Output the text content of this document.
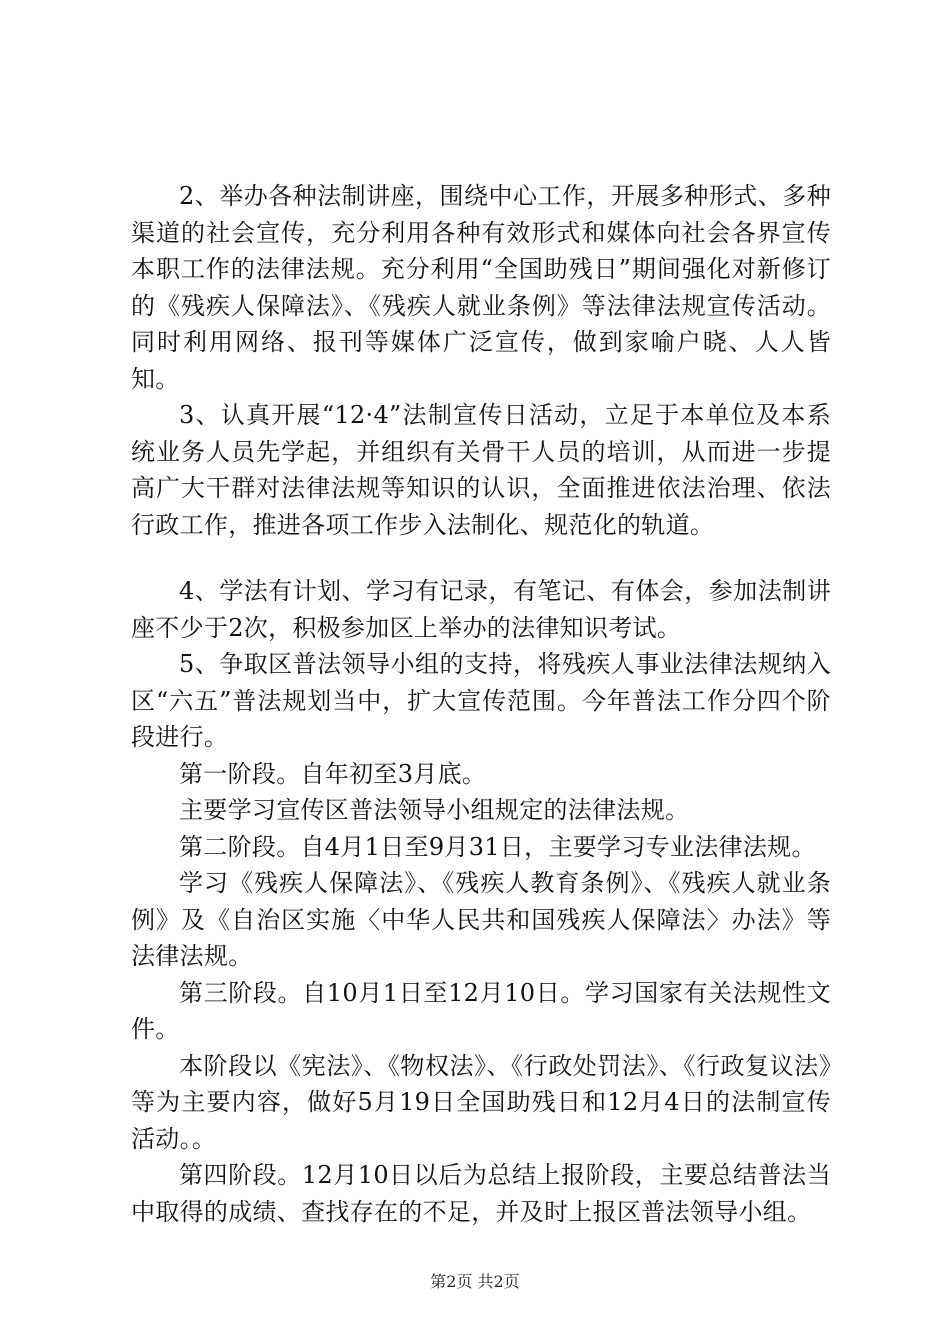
2、举办各种法制讲座，围绕中心工作，开展多种形式、多种渠道的社会宣传，充分利用各种有效形式和媒体向社会各界宣传本职工作的法律法规。充分利用“全国助残日”期间强化对新修订的《残疾人保障法》、《残疾人就业条例》等法律法规宣传活动。同时利用网络、报刊等媒体广泛宣传，做到家喻户晓、人人皆知。

3、认真开展“12·4”法制宣传日活动，立足于本单位及本系统业务人员先学起，并组织有关骨干人员的培训，从而进一步提高广大干群对法律法规等知识的认识，全面推进依法治理、依法行政工作，推进各项工作步入法制化、规范化的轨道。

4、学法有计划、学习有记录，有笔记、有体会，参加法制讲座不少于2次，积极参加区上举办的法律知识考试。

5、争取区普法领导小组的支持，将残疾人事业法律法规纳入区“六五”普法规划当中，扩大宣传范围。今年普法工作分四个阶段进行。

第一阶段。自年初至3月底。

主要学习宣传区普法领导小组规定的法律法规。

第二阶段。自4月1日至9月31日，主要学习专业法律法规。

学习《残疾人保障法》、《残疾人教育条例》、《残疾人就业条例》及《自治区实施〈中华人民共和国残疾人保障法〉办法》等法律法规。

第三阶段。自10月1日至12月10日。学习国家有关法规性文件。

本阶段以《宪法》、《物权法》、《行政处罚法》、《行政复议法》等为主要内容，做好5月19日全国助残日和12月4日的法制宣传活动。。

第四阶段。12月10日以后为总结上报阶段，主要总结普法当中取得的成绩、查找存在的不足，并及时上报区普法领导小组。

第2页 共2页
